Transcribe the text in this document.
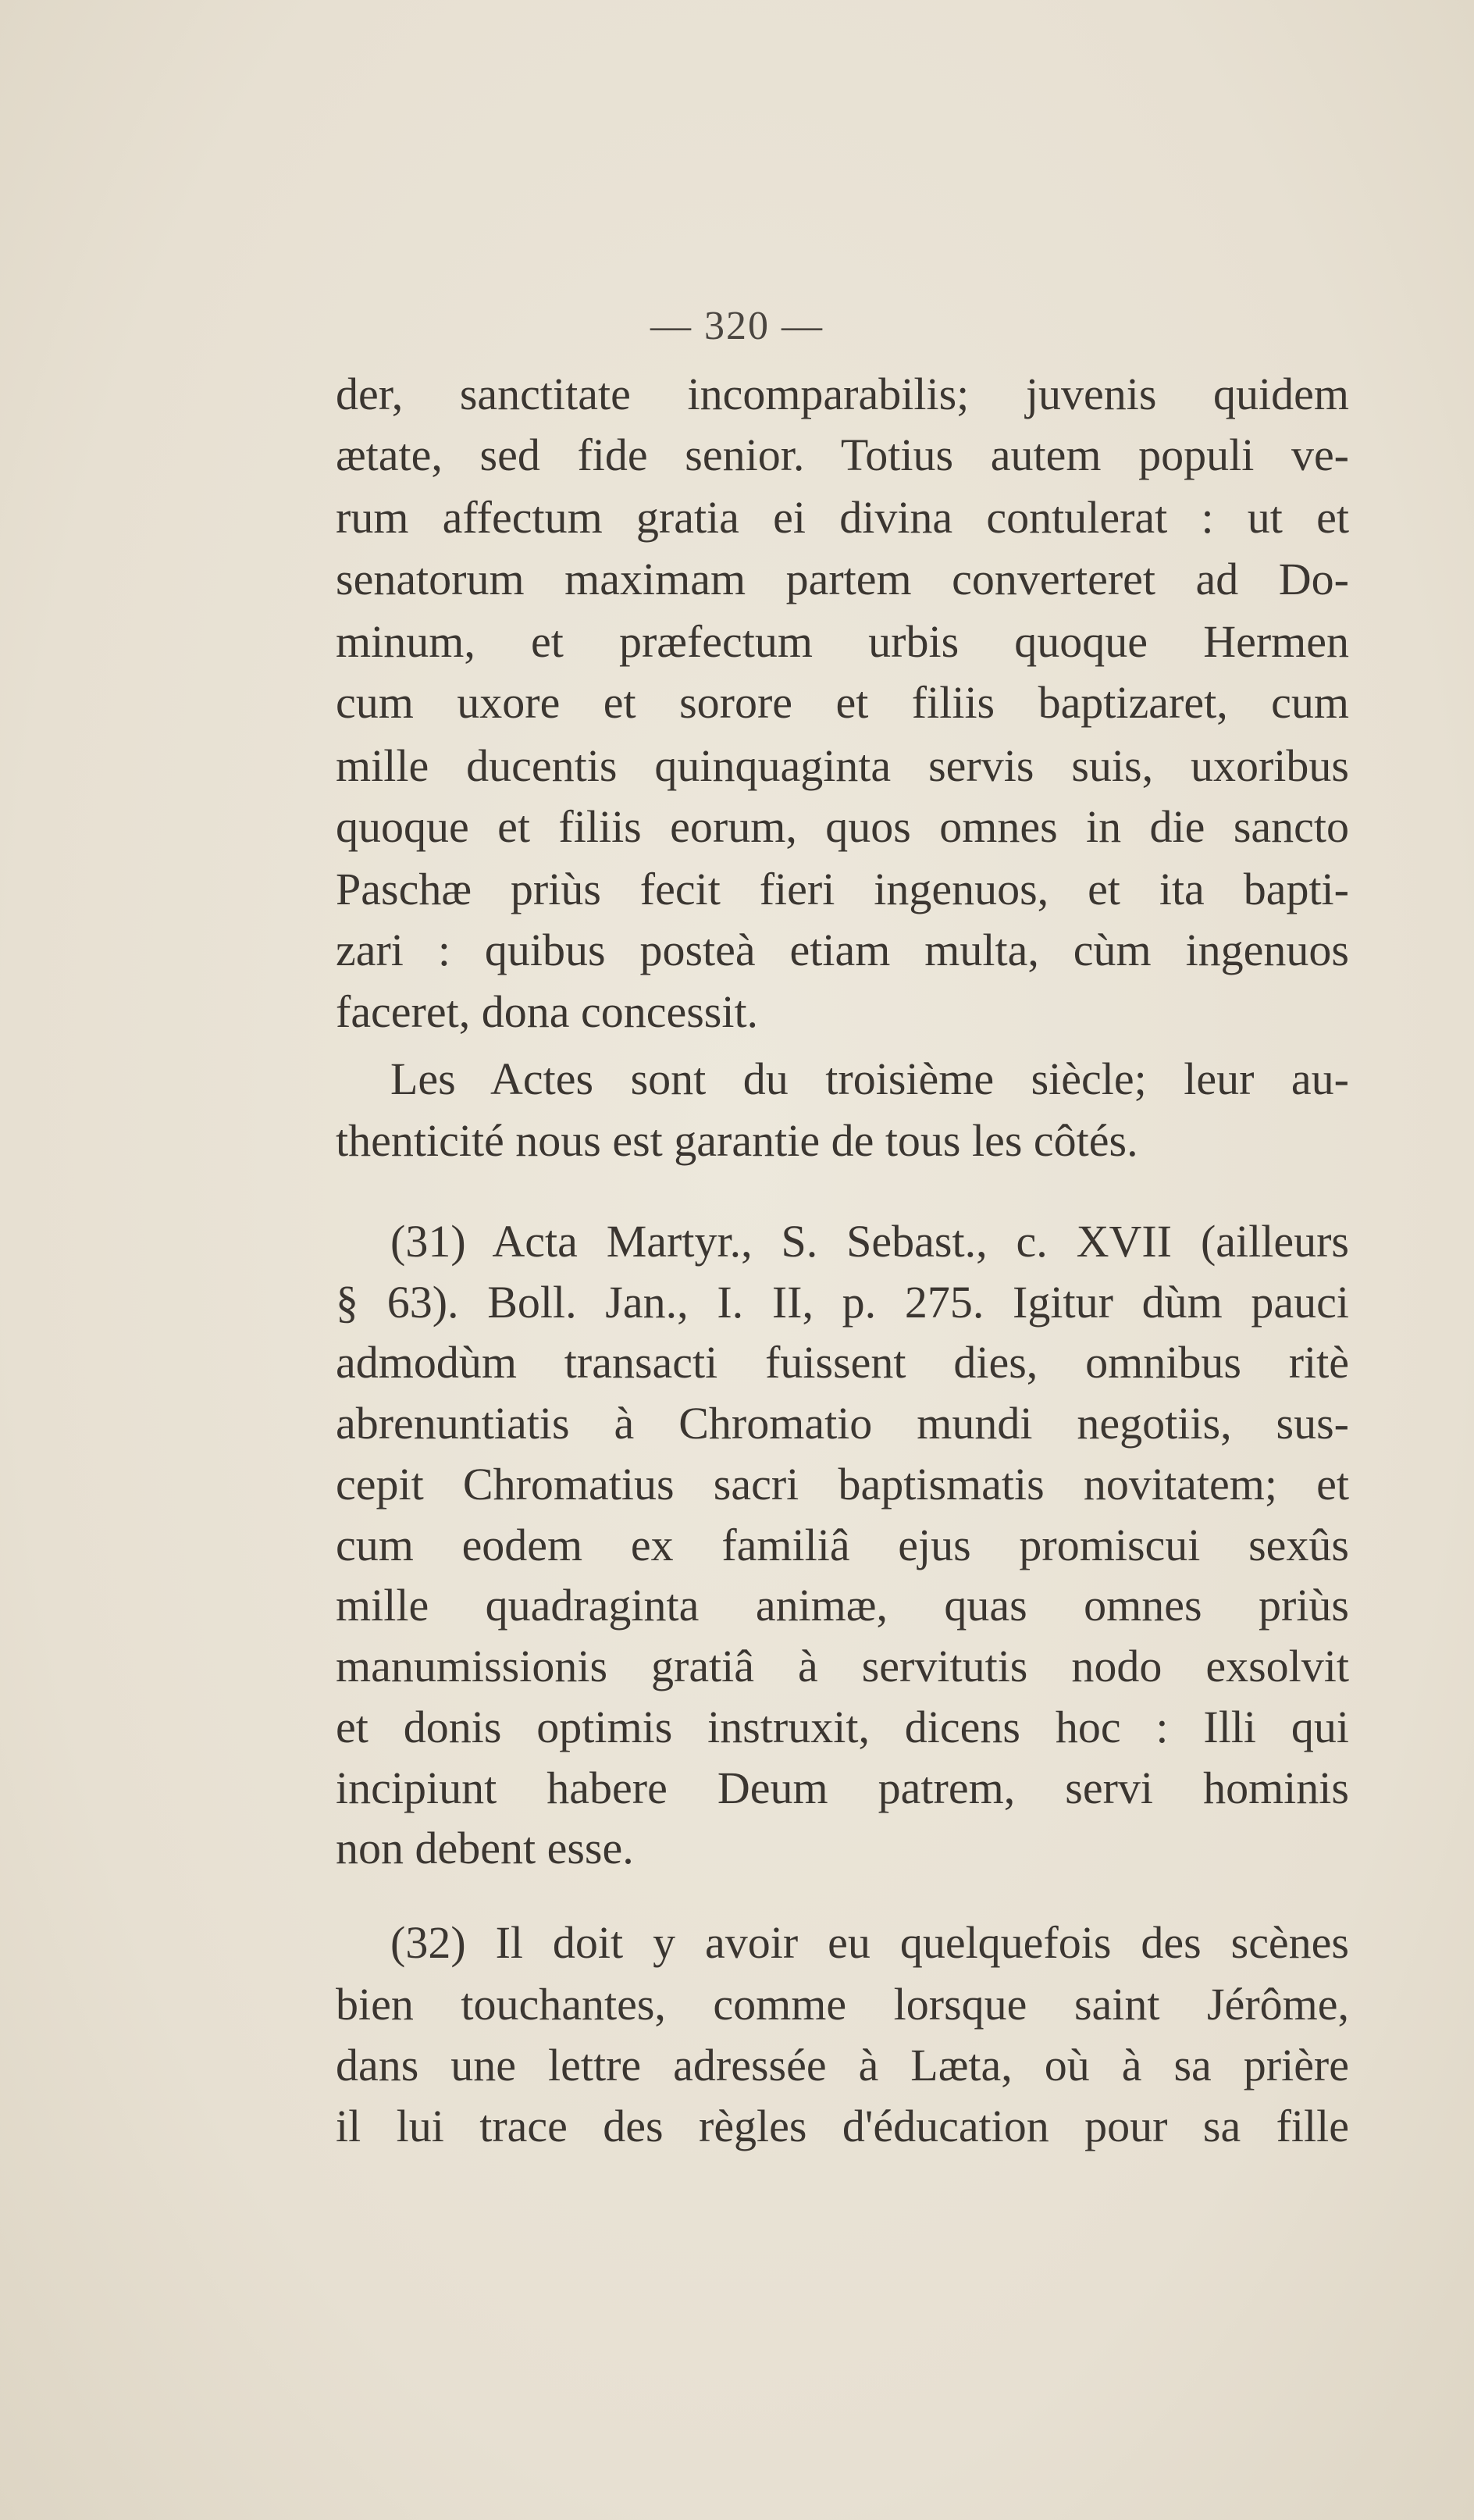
— 320 —
der, sanctitate incomparabilis; juvenis quidem
ætate, sed fide senior. Totius autem populi ve-
rum affectum gratia ei divina contulerat : ut et
senatorum maximam partem converteret ad Do-
minum, et præfectum urbis quoque Hermen
cum uxore et sorore et filiis baptizaret, cum
mille ducentis quinquaginta servis suis, uxoribus
quoque et filiis eorum, quos omnes in die sancto
Paschæ priùs fecit fieri ingenuos, et ita bapti-
zari : quibus posteà etiam multa, cùm ingenuos
faceret, dona concessit.
Les Actes sont du troisième siècle; leur au-
thenticité nous est garantie de tous les côtés.
(31) Acta Martyr., S. Sebast., c. XVII (ailleurs
§ 63). Boll. Jan., I. II, p. 275. Igitur dùm pauci
admodùm transacti fuissent dies, omnibus ritè
abrenuntiatis à Chromatio mundi negotiis, sus-
cepit Chromatius sacri baptismatis novitatem; et
cum eodem ex familiâ ejus promiscui sexûs
mille quadraginta animæ, quas omnes priùs
manumissionis gratiâ à servitutis nodo exsolvit
et donis optimis instruxit, dicens hoc : Illi qui
incipiunt habere Deum patrem, servi hominis
non debent esse.
(32) Il doit y avoir eu quelquefois des scènes
bien touchantes, comme lorsque saint Jérôme,
dans une lettre adressée à Læta, où à sa prière
il lui trace des règles d'éducation pour sa fille
